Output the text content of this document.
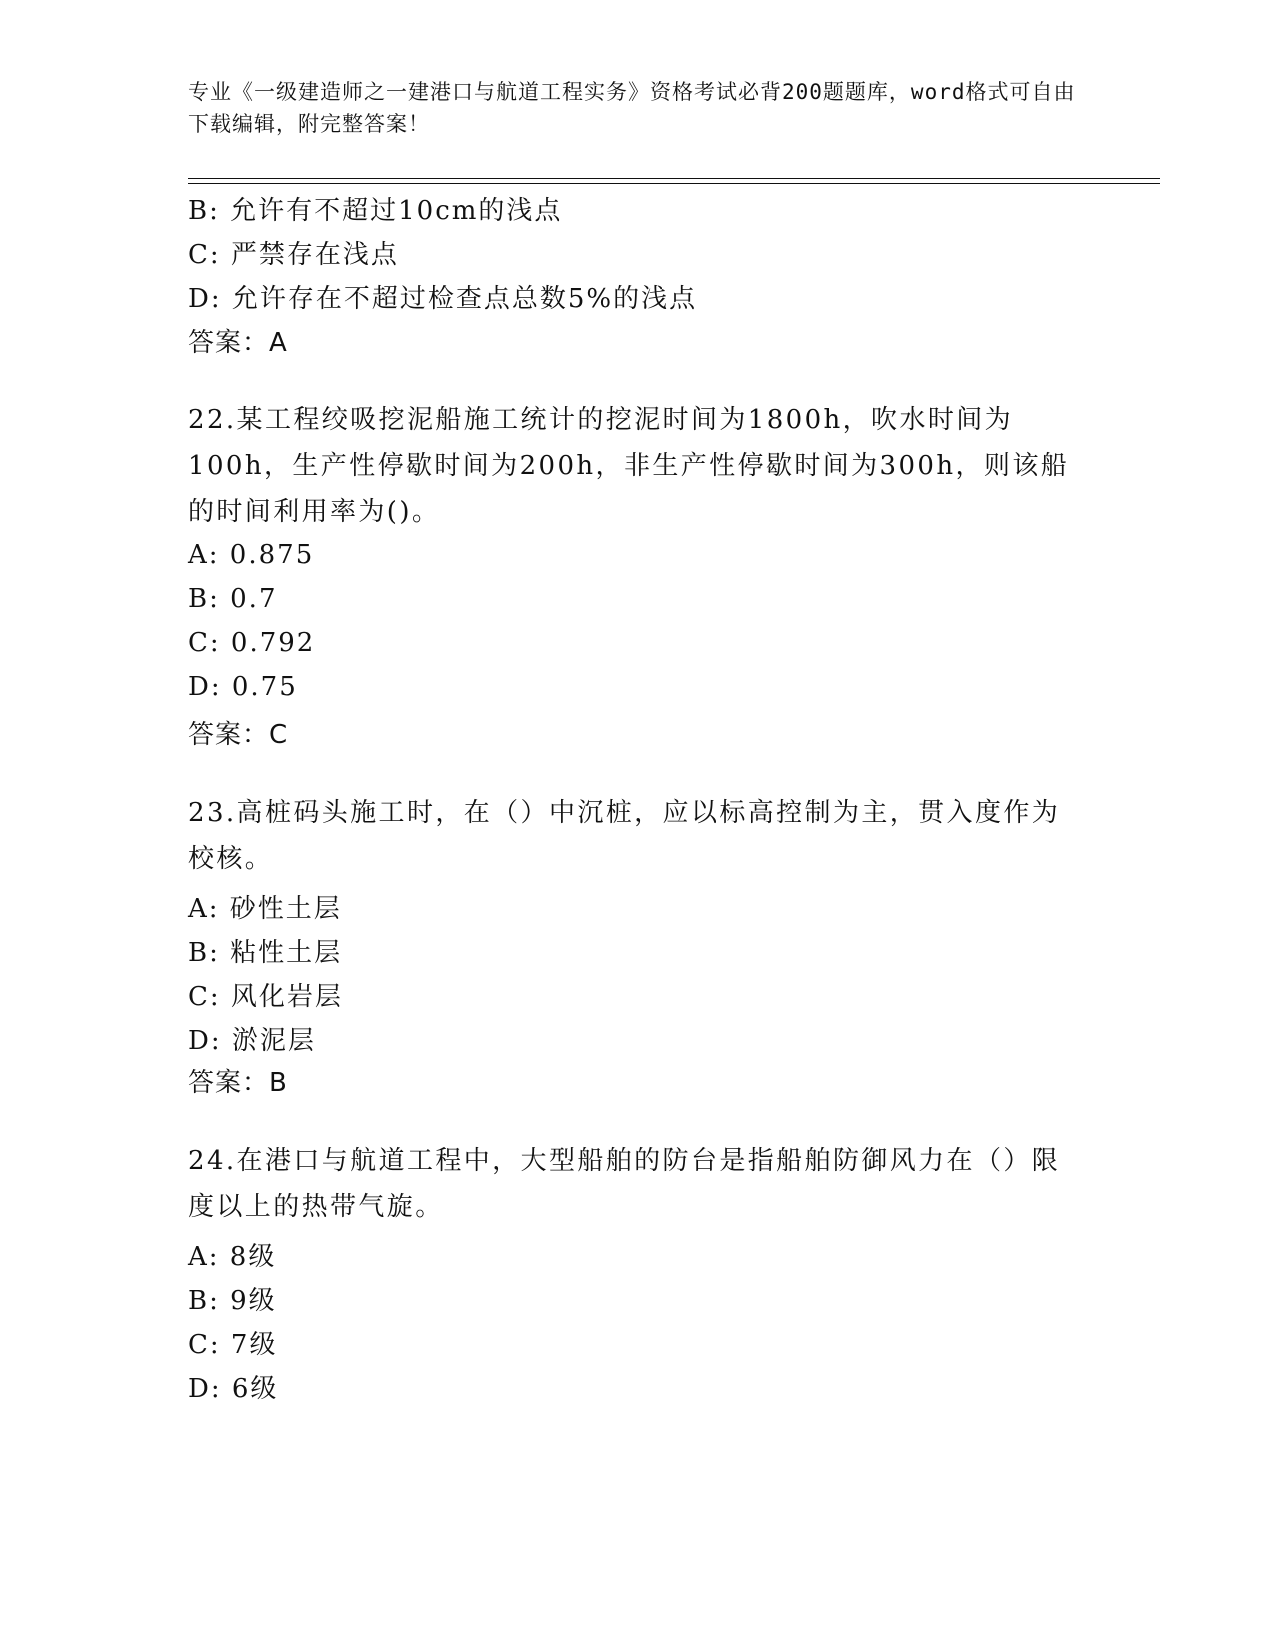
专业《一级建造师之一建港口与航道工程实务》资格考试必背200题题库，word格式可自由下载编辑，附完整答案！
B: 允许有不超过10cm的浅点
C: 严禁存在浅点
D: 允许存在不超过检查点总数5%的浅点
答案：A
22.某工程绞吸挖泥船施工统计的挖泥时间为1800h，吹水时间为100h，生产性停歇时间为200h，非生产性停歇时间为300h，则该船的时间利用率为()。
A: 0.875
B: 0.7
C: 0.792
D: 0.75
答案：C
23.高桩码头施工时，在（）中沉桩，应以标高控制为主，贯入度作为校核。
A: 砂性土层
B: 粘性土层
C: 风化岩层
D: 淤泥层
答案：B
24.在港口与航道工程中，大型船舶的防台是指船舶防御风力在（）限度以上的热带气旋。
A: 8级
B: 9级
C: 7级
D: 6级
